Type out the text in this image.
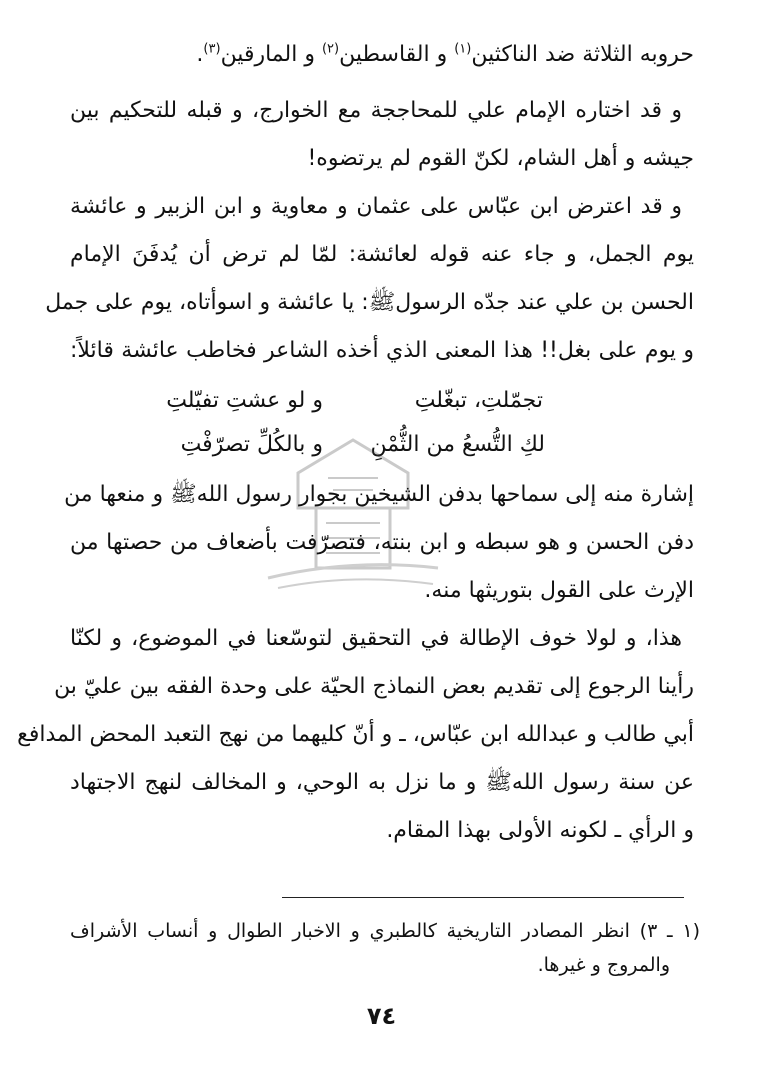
حروبه الثلاثة ضد الناكثين$^{(١)}$ و القاسطين$^{(٢)}$ و المارقين$^{(٣)}$.
و قد اختاره الإمام علي للمحاججة مع الخوارج، و قبله للتحكيم بين
جيشه و أهل الشام، لكنّ القوم لم يرتضوه!
و قد اعترض ابن عبّاس على عثمان و معاوية و ابن الزبير و عائشة
يوم الجمل، و جاء عنه قوله لعائشة: لمّا لم ترض أن يُدفَنَ الإمام
الحسن بن علي عند جدّه الرسولﷺ: يا عائشة و اسوأتاه، يوم على جمل
و يوم على بغل!! هذا المعنى الذي أخذه الشاعر فخاطب عائشة قائلاً:
تجمّلتِ، تبغّلتِ
و لو عشتِ تفيّلتِ
لكِ التُّسعُ من الثُّمْنِ
و بالكُلِّ تصرّفْتِ
إشارة منه إلى سماحها بدفن الشيخين بجوار رسول اللهﷺ و منعها من
دفن الحسن و هو سبطه و ابن بنته، فتصرّفت بأضعاف من حصتها من
الإرث على القول بتوريثها منه.
هذا، و لولا خوف الإطالة في التحقيق لتوسّعنا في الموضوع، و لكنّا
رأينا الرجوع إلى تقديم بعض النماذج الحيّة على وحدة الفقه بين عليّ بن
أبي طالب و عبدالله ابن عبّاس، ـ و أنّ كليهما من نهج التعبد المحض المدافع
عن سنة رسول اللهﷺ و ما نزل به الوحي، و المخالف لنهج الاجتهاد
و الرأي ـ لكونه الأولى بهذا المقام.
(١ ـ ٣) انظر المصادر التاريخية كالطبري و الاخبار الطوال و أنساب الأشراف
والمروج و غيرها.
٧٤
